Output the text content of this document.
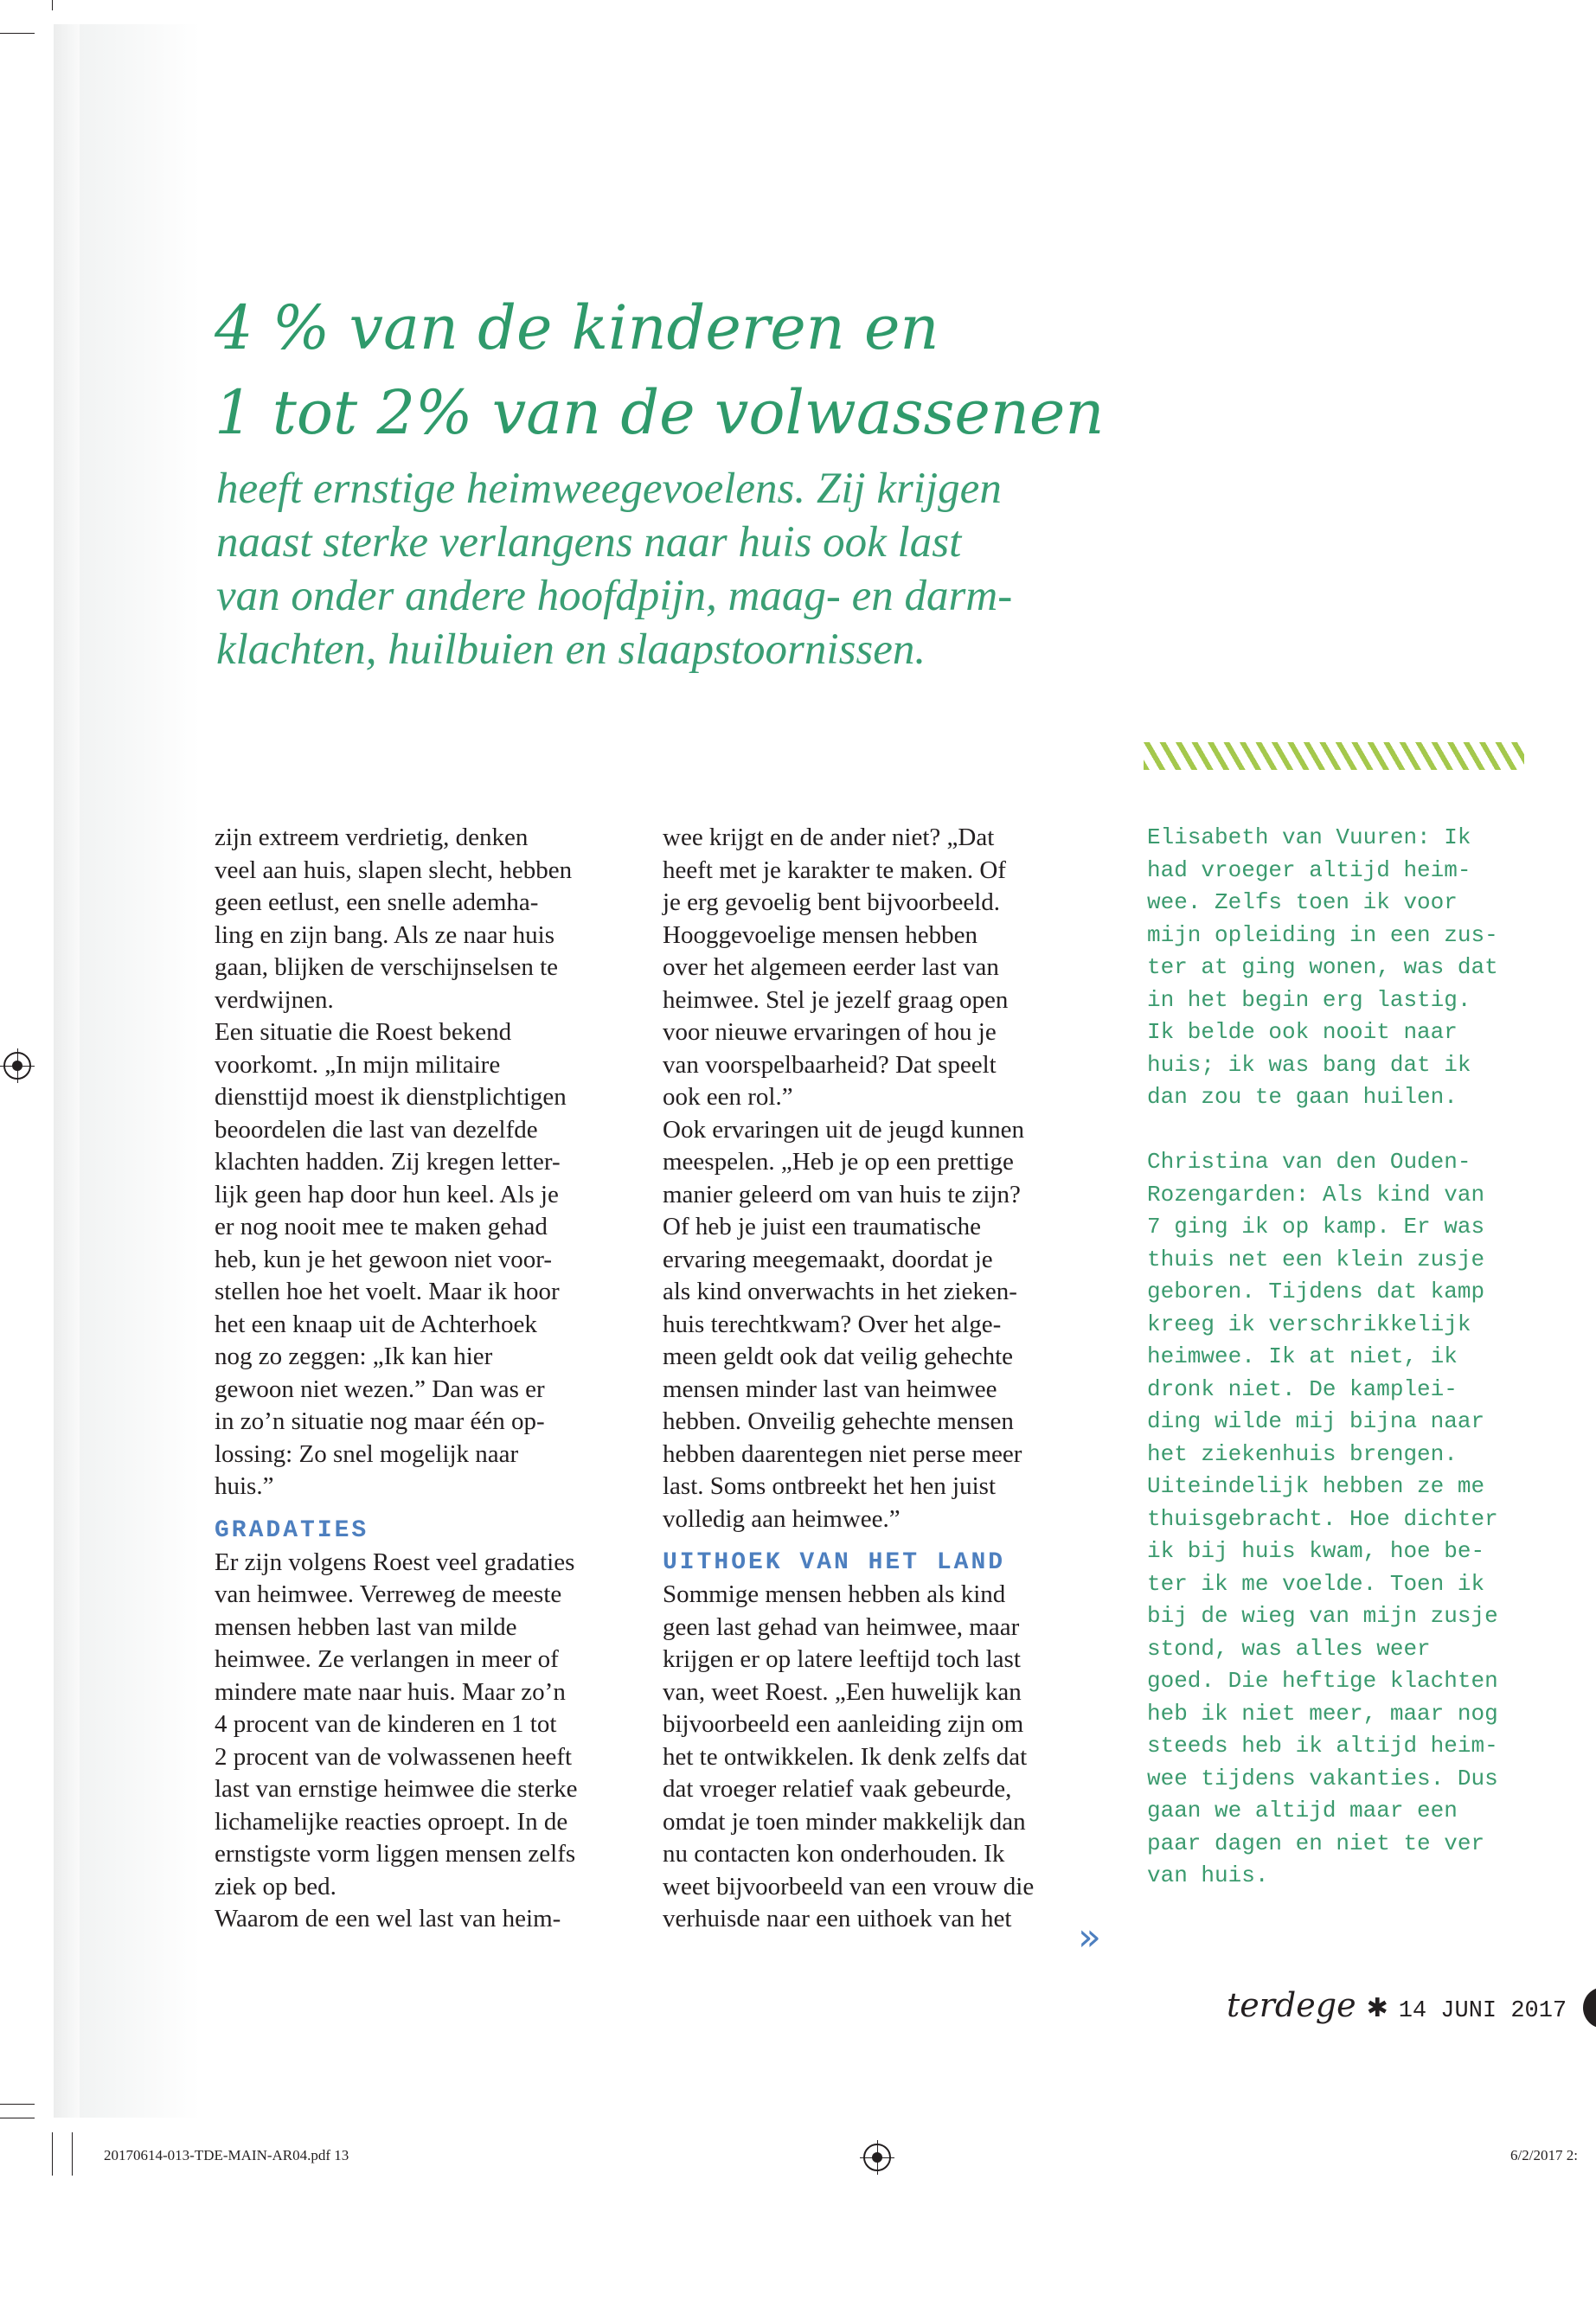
4 % van de kinderen en
1 tot 2% van de volwassenen
heeft ernstige heimweegevoelens. Zij krijgen
naast sterke verlangens naar huis ook last
van onder andere hoofdpijn, maag- en darm-
klachten, huilbuien en slaapstoornissen.

zijn extreem verdrietig, denken
veel aan huis, slapen slecht, hebben
geen eetlust, een snelle ademha-
ling en zijn bang. Als ze naar huis
gaan, blijken de verschijnselsen te
verdwijnen.

Een situatie die Roest bekend
voorkomt. „In mijn militaire
diensttijd moest ik dienstplichtigen
beoordelen die last van dezelfde
klachten hadden. Zij kregen letter-
lijk geen hap door hun keel. Als je
er nog nooit mee te maken gehad
heb, kun je het gewoon niet voor-
stellen hoe het voelt. Maar ik hoor
het een knaap uit de Achterhoek
nog zo zeggen: „Ik kan hier
gewoon niet wezen.” Dan was er
in zo’n situatie nog maar één op-
lossing: Zo snel mogelijk naar
huis.”

GRADATIES

Er zijn volgens Roest veel gradaties
van heimwee. Verreweg de meeste
mensen hebben last van milde
heimwee. Ze verlangen in meer of
mindere mate naar huis. Maar zo’n
4 procent van de kinderen en 1 tot
2 procent van de volwassenen heeft
last van ernstige heimwee die sterke
lichamelijke reacties oproept. In de
ernstigste vorm liggen mensen zelfs
ziek op bed.

Waarom de een wel last van heim-

wee krijgt en de ander niet? „Dat
heeft met je karakter te maken. Of
je erg gevoelig bent bijvoorbeeld.
Hooggevoelige mensen hebben
over het algemeen eerder last van
heimwee. Stel je jezelf graag open
voor nieuwe ervaringen of hou je
van voorspelbaarheid? Dat speelt
ook een rol.”

Ook ervaringen uit de jeugd kunnen
meespelen. „Heb je op een prettige
manier geleerd om van huis te zijn?
Of heb je juist een traumatische
ervaring meegemaakt, doordat je
als kind onverwachts in het zieken-
huis terechtkwam? Over het alge-
meen geldt ook dat veilig gehechte
mensen minder last van heimwee
hebben. Onveilig gehechte mensen
hebben daarentegen niet perse meer
last. Soms ontbreekt het hen juist
volledig aan heimwee.”

UITHOEK VAN HET LAND

Sommige mensen hebben als kind
geen last gehad van heimwee, maar
krijgen er op latere leeftijd toch last
van, weet Roest. „Een huwelijk kan
bijvoorbeeld een aanleiding zijn om
het te ontwikkelen. Ik denk zelfs dat
dat vroeger relatief vaak gebeurde,
omdat je toen minder makkelijk dan
nu contacten kon onderhouden. Ik
weet bijvoorbeeld van een vrouw die
verhuisde naar een uithoek van het	»

Elisabeth van Vuuren: Ik
had vroeger altijd heim-
wee. Zelfs toen ik voor
mijn opleiding in een zus-
ter at ging wonen, was dat
in het begin erg lastig.
Ik belde ook nooit naar
huis; ik was bang dat ik
dan zou te gaan huilen.

Christina van den Ouden-
Rozengarden: Als kind van
7 ging ik op kamp. Er was
thuis net een klein zusje
geboren. Tijdens dat kamp
kreeg ik verschrikkelijk
heimwee. Ik at niet, ik
dronk niet. De kamplei-
ding wilde mij bijna naar
het ziekenhuis brengen.
Uiteindelijk hebben ze me
thuisgebracht. Hoe dichter
ik bij huis kwam, hoe be-
ter ik me voelde. Toen ik
bij de wieg van mijn zusje
stond, was alles weer
goed. Die heftige klachten
heb ik niet meer, maar nog
steeds heb ik altijd heim-
wee tijdens vakanties. Dus
gaan we altijd maar een
paar dagen en niet te ver
van huis.

terdege ✱ 14 JUNI 2017
20170614-013-TDE-MAIN-AR04.pdf 13	6/2/2017 2:
